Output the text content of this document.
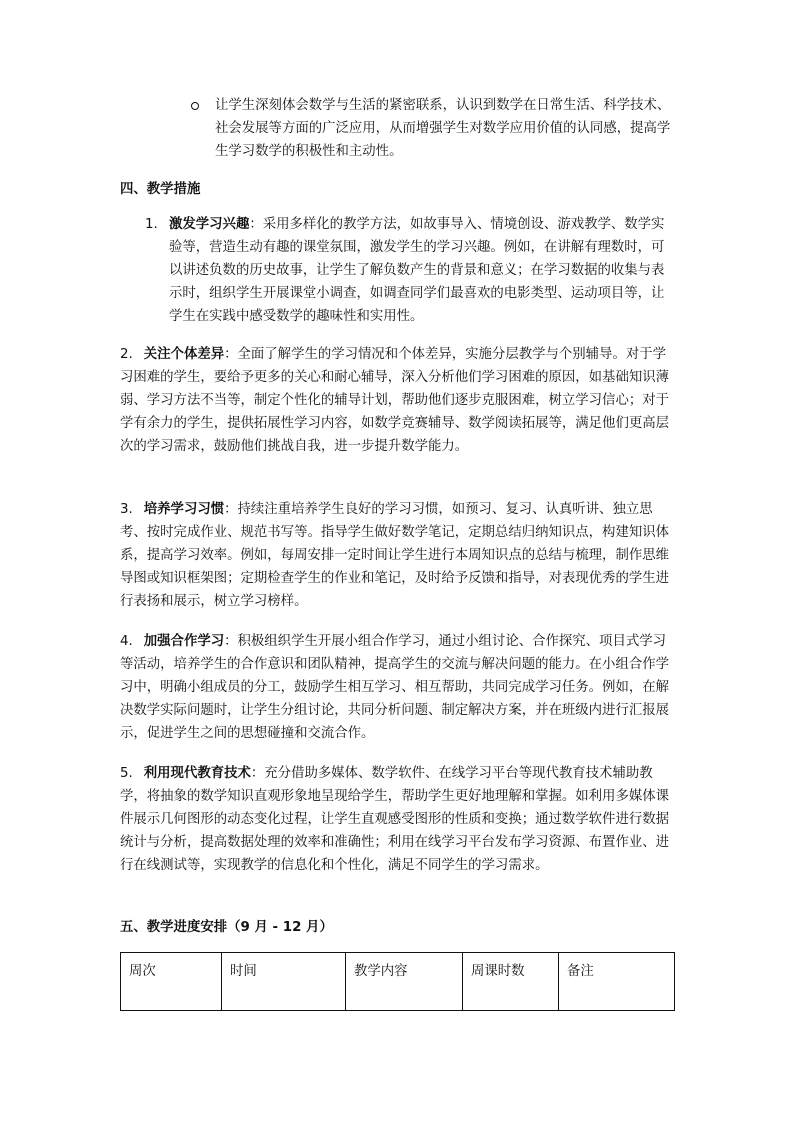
让学生深刻体会数学与生活的紧密联系，认识到数学在日常生活、科学技术、社会发展等方面的广泛应用，从而增强学生对数学应用价值的认同感，提高学生学习数学的积极性和主动性。
四、教学措施
1. 激发学习兴趣：采用多样化的教学方法，如故事导入、情境创设、游戏教学、数学实验等，营造生动有趣的课堂氛围，激发学生的学习兴趣。例如，在讲解有理数时，可以讲述负数的历史故事，让学生了解负数产生的背景和意义；在学习数据的收集与表示时，组织学生开展课堂小调查，如调查同学们最喜欢的电影类型、运动项目等，让学生在实践中感受数学的趣味性和实用性。
2. 关注个体差异：全面了解学生的学习情况和个体差异，实施分层教学与个别辅导。对于学习困难的学生，要给予更多的关心和耐心辅导，深入分析他们学习困难的原因，如基础知识薄弱、学习方法不当等，制定个性化的辅导计划，帮助他们逐步克服困难，树立学习信心；对于学有余力的学生，提供拓展性学习内容，如数学竞赛辅导、数学阅读拓展等，满足他们更高层次的学习需求，鼓励他们挑战自我，进一步提升数学能力。
3. 培养学习习惯：持续注重培养学生良好的学习习惯，如预习、复习、认真听讲、独立思考、按时完成作业、规范书写等。指导学生做好数学笔记，定期总结归纳知识点，构建知识体系，提高学习效率。例如，每周安排一定时间让学生进行本周知识点的总结与梳理，制作思维导图或知识框架图；定期检查学生的作业和笔记，及时给予反馈和指导，对表现优秀的学生进行表扬和展示，树立学习榜样。
4. 加强合作学习：积极组织学生开展小组合作学习，通过小组讨论、合作探究、项目式学习等活动，培养学生的合作意识和团队精神，提高学生的交流与解决问题的能力。在小组合作学习中，明确小组成员的分工，鼓励学生相互学习、相互帮助，共同完成学习任务。例如，在解决数学实际问题时，让学生分组讨论，共同分析问题、制定解决方案，并在班级内进行汇报展示，促进学生之间的思想碰撞和交流合作。
5. 利用现代教育技术：充分借助多媒体、数学软件、在线学习平台等现代教育技术辅助教学，将抽象的数学知识直观形象地呈现给学生，帮助学生更好地理解和掌握。如利用多媒体课件展示几何图形的动态变化过程，让学生直观感受图形的性质和变换；通过数学软件进行数据统计与分析，提高数据处理的效率和准确性；利用在线学习平台发布学习资源、布置作业、进行在线测试等，实现教学的信息化和个性化，满足不同学生的学习需求。
五、教学进度安排（9 月 - 12 月）
周次	时间	教学内容	周课时数	备注
